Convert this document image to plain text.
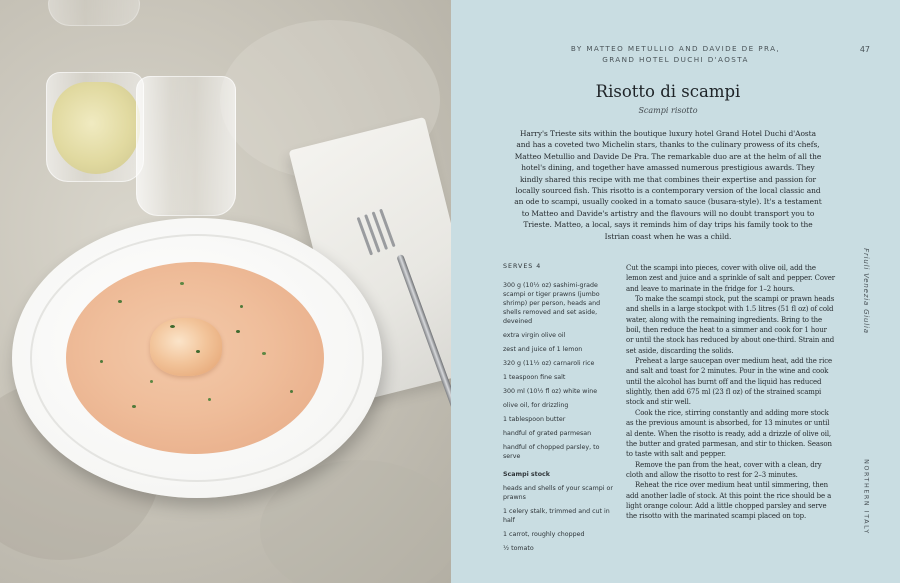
BY MATTEO METULLIO AND DAVIDE DE PRA,
GRAND HOTEL DUCHI D'AOSTA
47
Risotto di scampi
Scampi risotto
Harry's Trieste sits within the boutique luxury hotel Grand Hotel Duchi d'Aosta and has a coveted two Michelin stars, thanks to the culinary prowess of its chefs, Matteo Metullio and Davide De Pra. The remarkable duo are at the helm of all the hotel's dining, and together have amassed numerous prestigious awards. They kindly shared this recipe with me that combines their expertise and passion for locally sourced fish. This risotto is a contemporary version of the local classic and an ode to scampi, usually cooked in a tomato sauce (busara-style). It's a testament to Matteo and Davide's artistry and the flavours will no doubt transport you to Trieste. Matteo, a local, says it reminds him of day trips his family took to the Istrian coast when he was a child.
SERVES 4
300 g (10½ oz) sashimi-grade scampi or tiger prawns (jumbo shrimp) per person, heads and shells removed and set aside, deveined
extra virgin olive oil
zest and juice of 1 lemon
320 g (11½ oz) carnaroli rice
1 teaspoon fine salt
300 ml (10½ fl oz) white wine
olive oil, for drizzling
1 tablespoon butter
handful of grated parmesan
handful of chopped parsley, to serve
Scampi stock
heads and shells of your scampi or prawns
1 celery stalk, trimmed and cut in half
1 carrot, roughly chopped
½ tomato

Cut the scampi into pieces, cover with olive oil, add the lemon zest and juice and a sprinkle of salt and pepper. Cover and leave to marinate in the fridge for 1–2 hours.

To make the scampi stock, put the scampi or prawn heads and shells in a large stockpot with 1.5 litres (51 fl oz) of cold water, along with the remaining ingredients. Bring to the boil, then reduce the heat to a simmer and cook for 1 hour or until the stock has reduced by about one-third. Strain and set aside, discarding the solids.

Preheat a large saucepan over medium heat, add the rice and salt and toast for 2 minutes. Pour in the wine and cook until the alcohol has burnt off and the liquid has reduced slightly, then add 675 ml (23 fl oz) of the strained scampi stock and stir well.

Cook the rice, stirring constantly and adding more stock as the previous amount is absorbed, for 13 minutes or until al dente. When the risotto is ready, add a drizzle of olive oil, the butter and grated parmesan, and stir to thicken. Season to taste with salt and pepper.

Remove the pan from the heat, cover with a clean, dry cloth and allow the risotto to rest for 2–3 minutes.

Reheat the rice over medium heat until simmering, then add another ladle of stock. At this point the rice should be a light orange colour. Add a little chopped parsley and serve the risotto with the marinated scampi placed on top.

Friuli Venezia Giulia
NORTHERN ITALY
